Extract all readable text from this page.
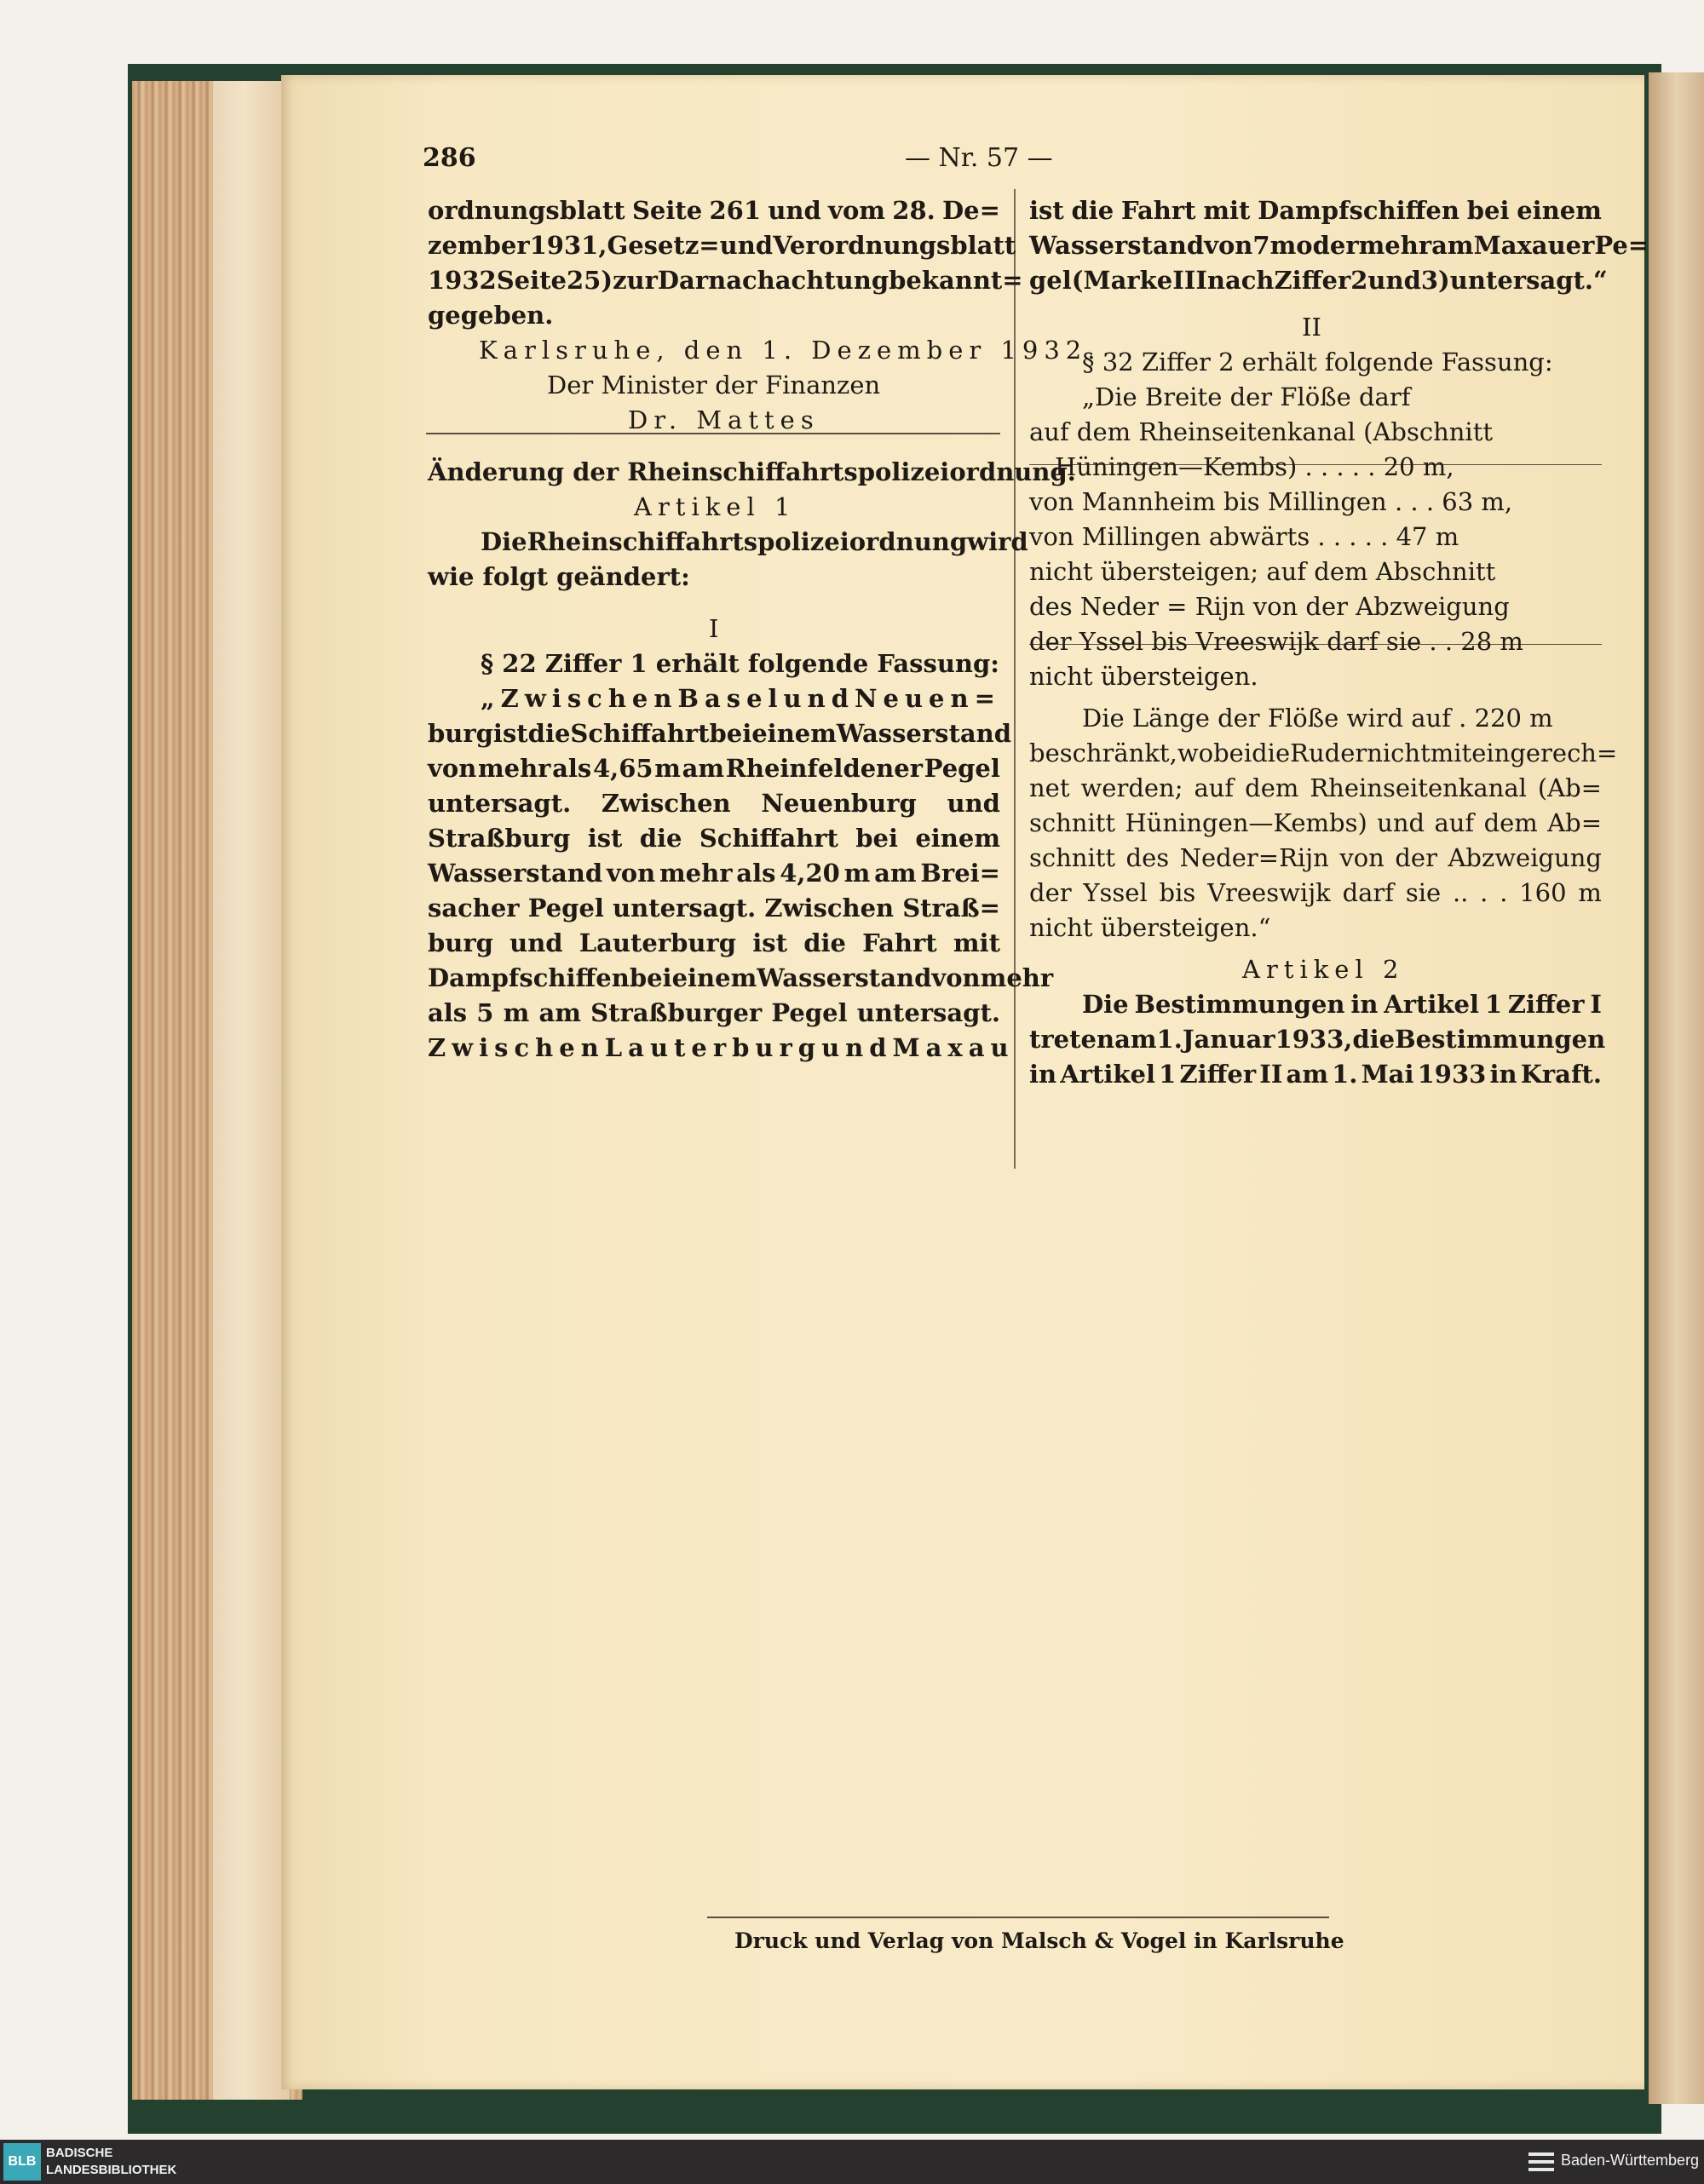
286	— Nr. 57 —
ordnungsblatt Seite 261 und vom 28. De=
zember 1931, Gesetz= und Verordnungsblatt
1932 Seite 25) zur Darnachachtung bekannt=
gegeben.
Karlsruhe, den 1. Dezember 1932.
Der Minister der Finanzen
Dr. Mattes
Änderung der Rheinschiffahrtspolizeiordnung.
Artikel 1
Die Rheinschiffahrtspolizeiordnung wird
wie folgt geändert:
I
§ 22 Ziffer 1 erhält folgende Fassung:
„Zwischen Basel und Neuen=
burg ist die Schiffahrt bei einem Wasserstand
von mehr als 4,65 m am Rheinfeldener Pegel
untersagt. Zwischen Neuenburg und
Straßburg ist die Schiffahrt bei einem
Wasserstand von mehr als 4,20 m am Brei=
sacher Pegel untersagt. Zwischen Straß=
burg und Lauterburg ist die Fahrt mit
Dampfschiffen bei einem Wasserstand von mehr
als 5 m am Straßburger Pegel untersagt.
Zwischen Lauterburg und Maxau
ist die Fahrt mit Dampfschiffen bei einem
Wasserstand von 7 m oder mehr am Maxauer Pe=
gel (Marke III nach Ziffer 2 und 3) untersagt.“
II
§ 32 Ziffer 2 erhält folgende Fassung:
„Die Breite der Flöße darf
auf dem Rheinseitenkanal (Abschnitt
Hüningen—Kembs) . . . . . 20 m,
von Mannheim bis Millingen . . . 63 m,
von Millingen abwärts . . . . . 47 m
nicht übersteigen; auf dem Abschnitt
des Neder = Rijn von der Abzweigung
der Yssel bis Vreeswijk darf sie . . 28 m
nicht übersteigen.
Die Länge der Flöße wird auf . 220 m
beschränkt, wobei die Ruder nicht mit eingerech=
net werden; auf dem Rheinseitenkanal (Ab=
schnitt Hüningen—Kembs) und auf dem Ab=
schnitt des Neder=Rijn von der Abzweigung
der Yssel bis Vreeswijk darf sie .. . . 160 m
nicht übersteigen.“
Artikel 2
Die Bestimmungen in Artikel 1 Ziffer I
treten am 1. Januar 1933, die Bestimmungen
in Artikel 1 Ziffer II am 1. Mai 1933 in Kraft.
Druck und Verlag von Malsch & Vogel in Karlsruhe
BLB
BADISCHE
LANDESBIBLIOTHEK
Baden-Württemberg
